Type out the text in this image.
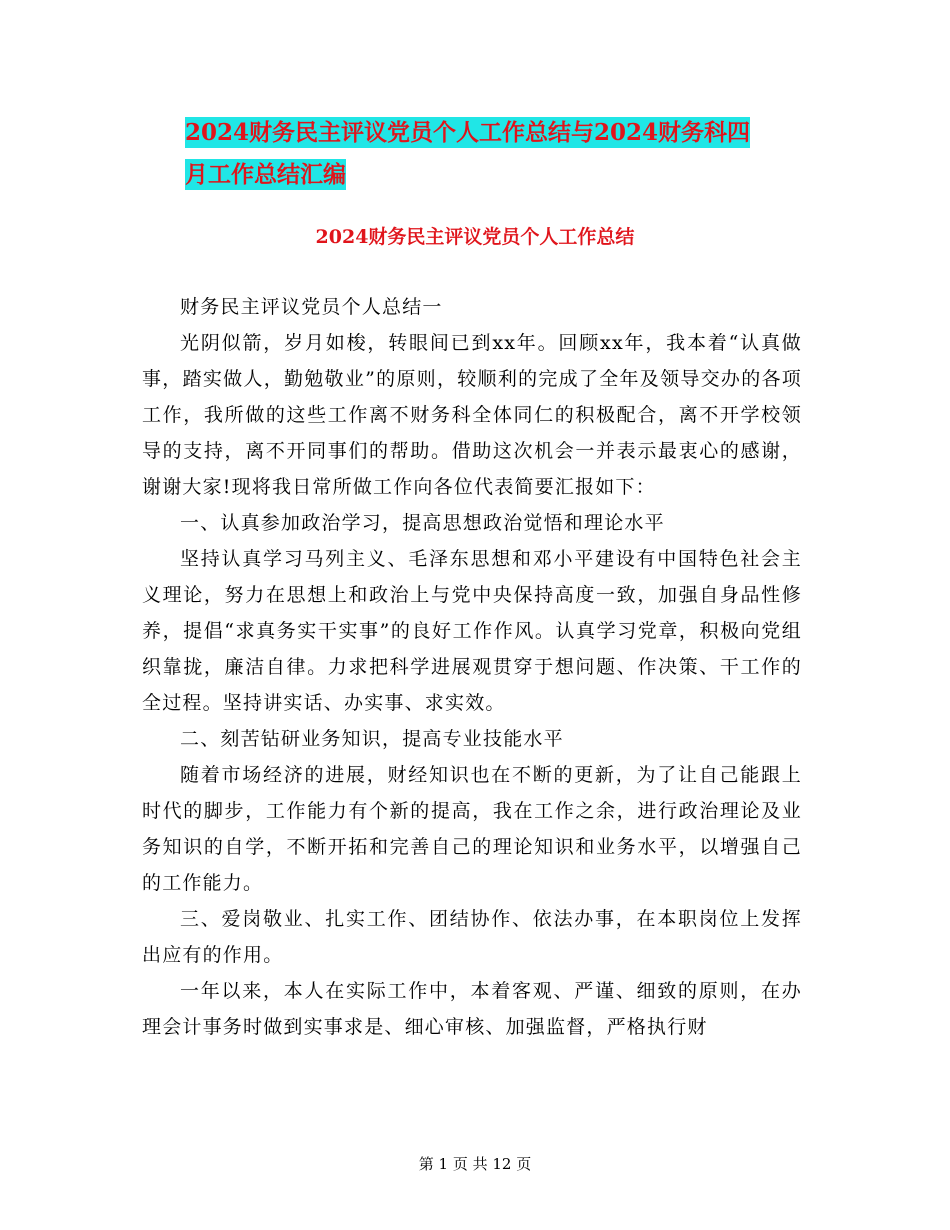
2024财务民主评议党员个人工作总结与2024财务科四
月工作总结汇编
2024财务民主评议党员个人工作总结

财务民主评议党员个人总结一

光阴似箭，岁月如梭，转眼间已到xx年。回顾xx年，我本着“认真做事，踏实做人，勤勉敬业”的原则，较顺利的完成了全年及领导交办的各项工作，我所做的这些工作离不财务科全体同仁的积极配合，离不开学校领导的支持，离不开同事们的帮助。借助这次机会一并表示最衷心的感谢，谢谢大家!现将我日常所做工作向各位代表简要汇报如下：

一、认真参加政治学习，提高思想政治觉悟和理论水平

坚持认真学习马列主义、毛泽东思想和邓小平建设有中国特色社会主义理论，努力在思想上和政治上与党中央保持高度一致，加强自身品性修养，提倡“求真务实干实事”的良好工作作风。认真学习党章，积极向党组织靠拢，廉洁自律。力求把科学进展观贯穿于想问题、作决策、干工作的全过程。坚持讲实话、办实事、求实效。

二、刻苦钻研业务知识，提高专业技能水平

随着市场经济的进展，财经知识也在不断的更新，为了让自己能跟上时代的脚步，工作能力有个新的提高，我在工作之余，进行政治理论及业务知识的自学，不断开拓和完善自己的理论知识和业务水平，以增强自己的工作能力。

三、爱岗敬业、扎实工作、团结协作、依法办事，在本职岗位上发挥出应有的作用。

一年以来，本人在实际工作中，本着客观、严谨、细致的原则，在办理会计事务时做到实事求是、细心审核、加强监督，严格执行财

第 1 页 共 12 页
